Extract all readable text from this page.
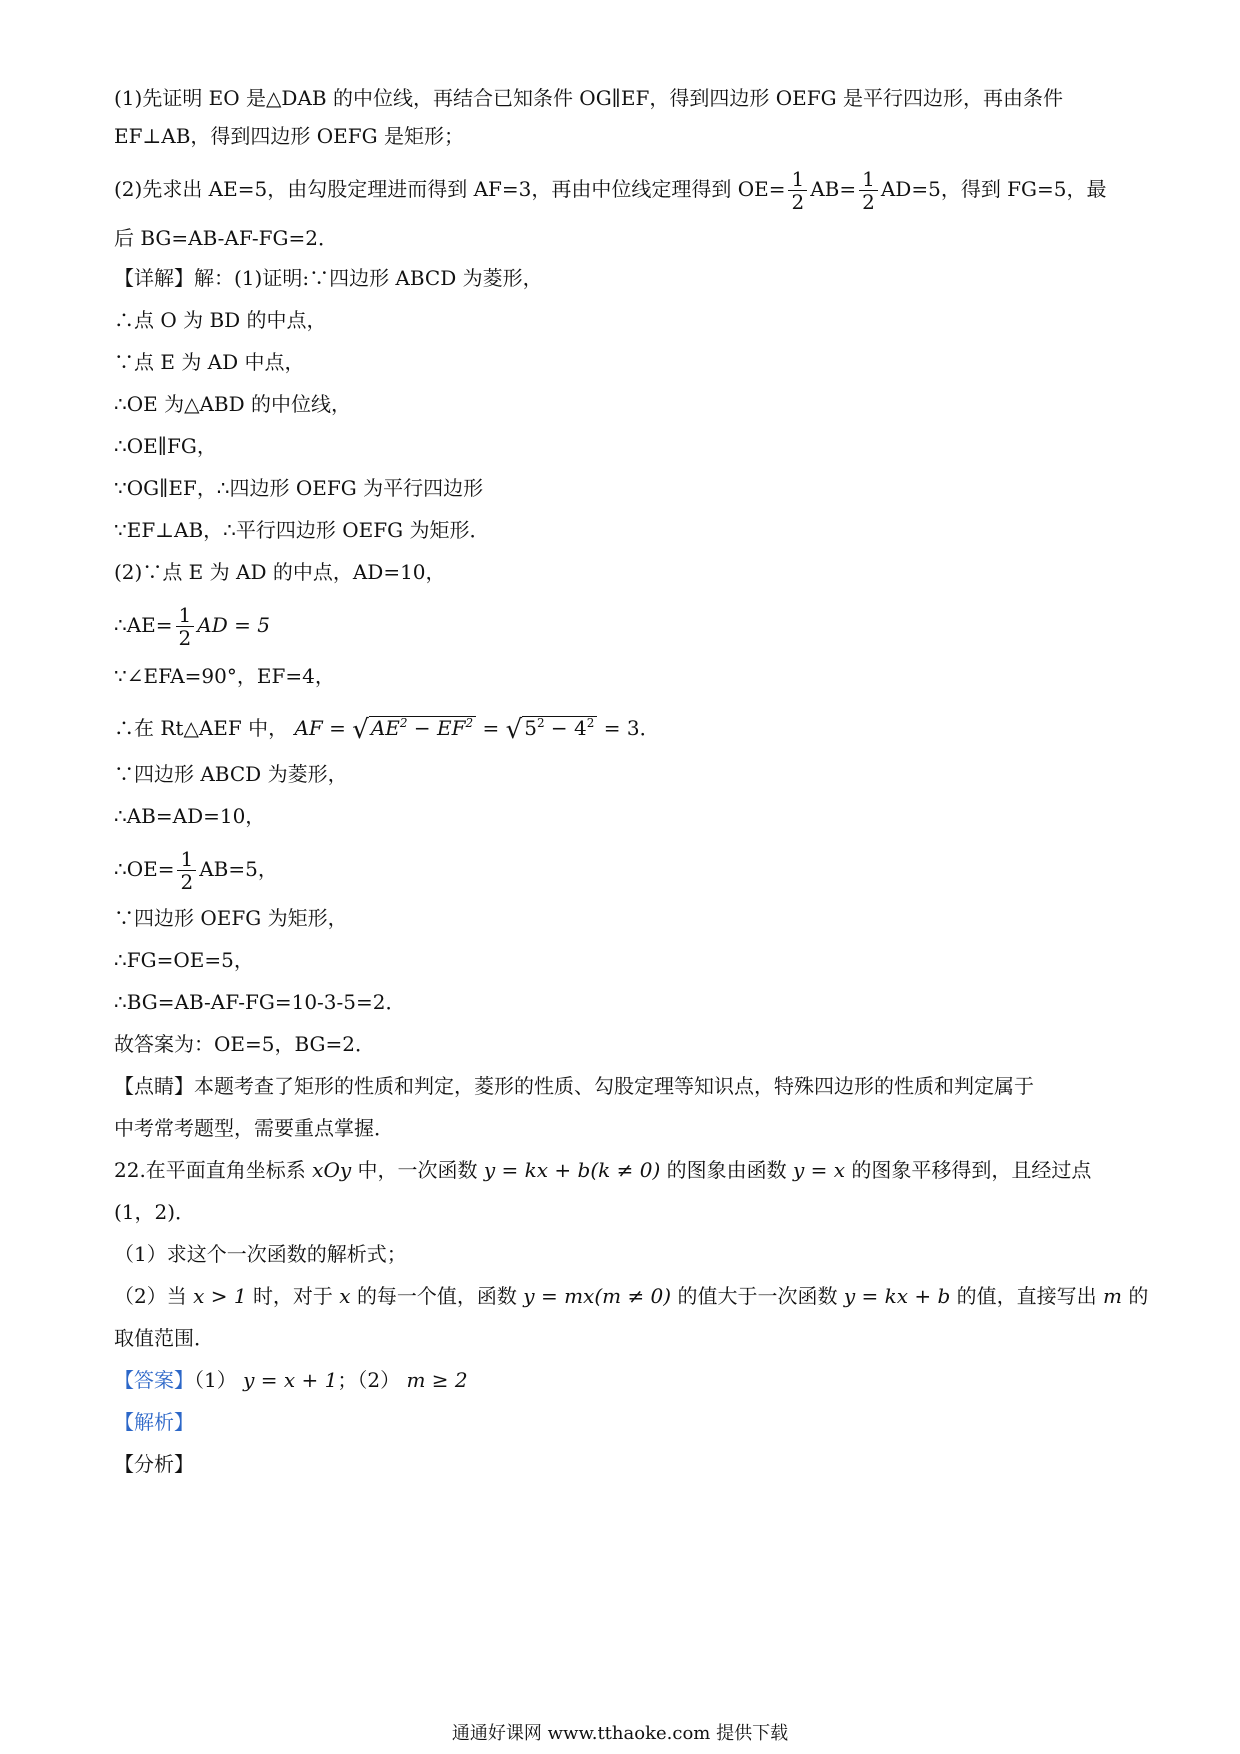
(1)先证明 EO 是△DAB 的中位线，再结合已知条件 OG∥EF，得到四边形 OEFG 是平行四边形，再由条件
EF⊥AB，得到四边形 OEFG 是矩形；
(2)先求出 AE=5，由勾股定理进而得到 AF=3，再由中位线定理得到 $OE= \frac{1}{2} AB= \frac{1}{2} AD=5$，得到 FG=5，最
后 BG=AB-AF-FG=2．
【详解】解：(1)证明:∵四边形 ABCD 为菱形，
∴点 O 为 BD 的中点，
∵点 E 为 AD 中点，
∴OE 为△ABD 的中位线，
∴OE∥FG，
∵OG∥EF，∴四边形 OEFG 为平行四边形
∵EF⊥AB，∴平行四边形 OEFG 为矩形．
(2)∵点 E 为 AD 的中点，AD=10，
∴AE= $\frac{1}{2}$ AD = 5
∵∠EFA=90°，EF=4，
∴在 Rt△AEF 中， AF = √ $AE^2 - EF^2$ = √ $5^2 - 4^2 = 3$．
∵四边形 ABCD 为菱形，
∴AB=AD=10，
∴OE= $\frac{1}{2} AB=5$，
∵四边形 OEFG 为矩形，
∴FG=OE=5，
∴BG=AB-AF-FG=10-3-5=2．
故答案为：OE=5，BG=2．
【点睛】本题考查了矩形的性质和判定，菱形的性质、勾股定理等知识点，特殊四边形的性质和判定属于
中考常考题型，需要重点掌握．
22.在平面直角坐标系 xOy 中，一次函数 y = kx + b(k ≠ 0) 的图象由函数 y = x 的图象平移得到，且经过点
(1，2)．
（1）求这个一次函数的解析式；
（2）当 x > 1 时，对于 x 的每一个值，函数 y = mx(m ≠ 0) 的值大于一次函数 y = kx + b 的值，直接写出 m 的
取值范围．
【答案】（1） y = x + 1；（2） m ≥ 2
【解析】
【分析】
通通好课网 www.tthaoke.com 提供下载
